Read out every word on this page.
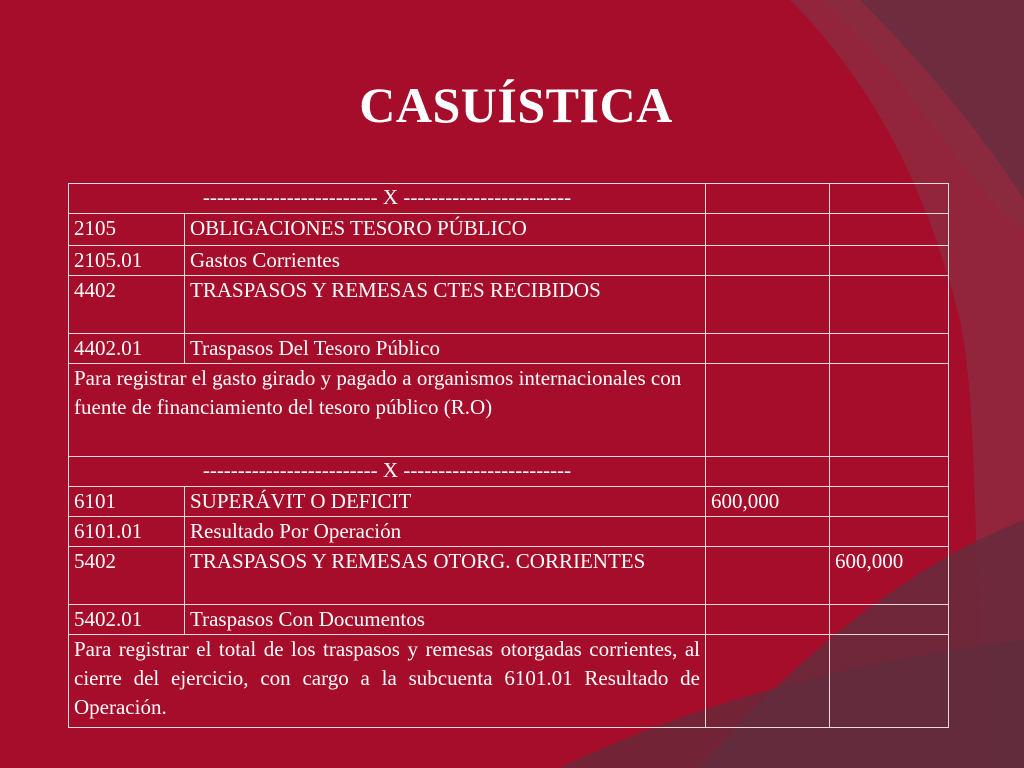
CASUÍSTICA
------------------------- X ------------------------			
2105	OBLIGACIONES TESORO PÚBLICO		
2105.01	Gastos Corrientes		
4402	TRASPASOS Y REMESAS CTES RECIBIDOS		
4402.01	Traspasos Del Tesoro Público		
Para registrar el gasto girado y pagado a organismos internacionales con fuente de financiamiento del tesoro público (R.O)			
------------------------- X ------------------------			
6101	SUPERÁVIT O DEFICIT	600,000	
6101.01	Resultado Por Operación		
5402	TRASPASOS Y REMESAS OTORG. CORRIENTES		600,000
5402.01	Traspasos Con Documentos		
Para registrar el total de los traspasos y remesas otorgadas corrientes, al cierre del ejercicio, con cargo a la subcuenta 6101.01 Resultado de Operación.			
